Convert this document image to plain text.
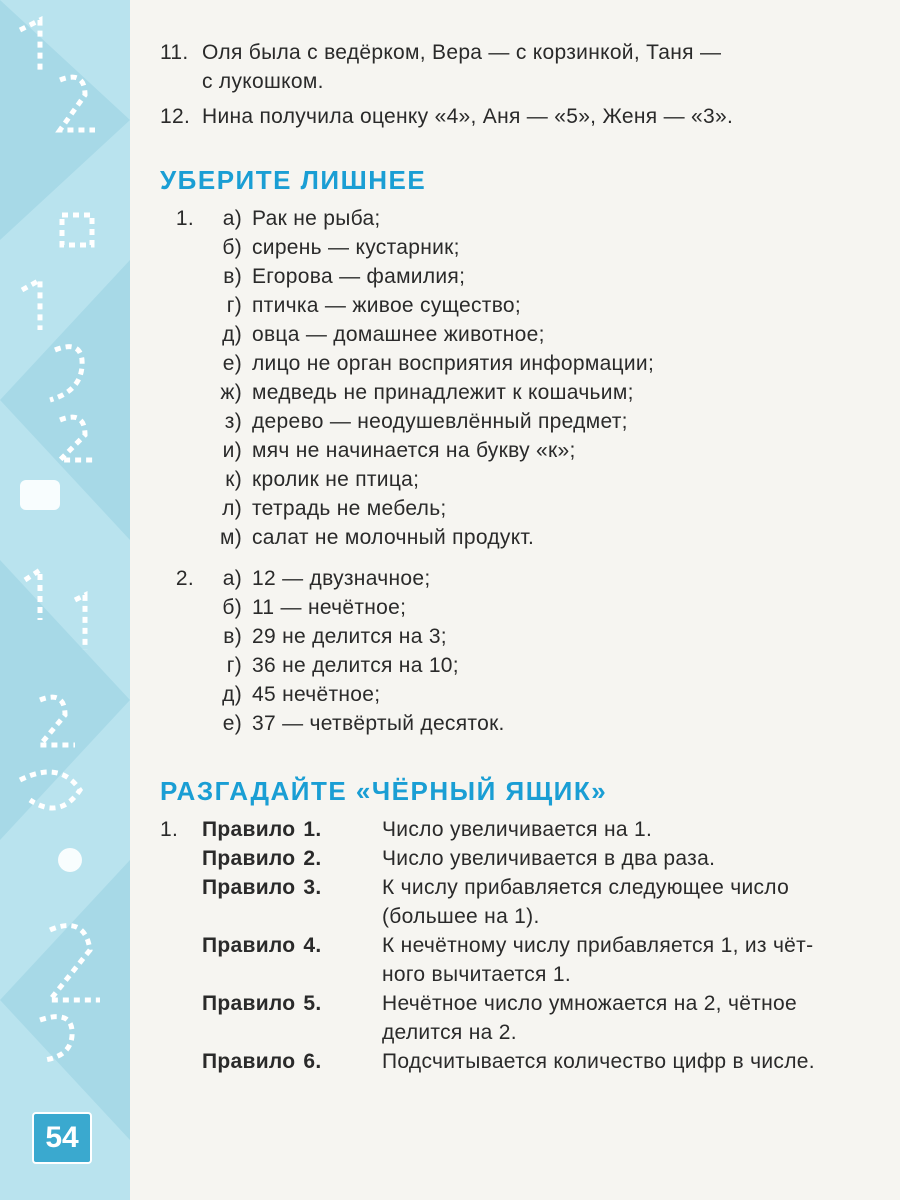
54
11. Оля была с ведёрком, Вера — с корзинкой, Таня —
с лукошком.
12. Нина получила оценку «4», Аня — «5», Женя — «3».
УБЕРИТЕ ЛИШНЕЕ
1.	а) Рак не рыба;
б) сирень — кустарник;
в) Егорова — фамилия;
г) птичка — живое существо;
д) овца — домашнее животное;
е) лицо не орган восприятия информации;
ж) медведь не принадлежит к кошачьим;
з) дерево — неодушевлённый предмет;
и) мяч не начинается на букву «к»;
к) кролик не птица;
л) тетрадь не мебель;
м) салат не молочный продукт.
2.	а) 12 — двузначное;
б) 11 — нечётное;
в) 29 не делится на 3;
г) 36 не делится на 10;
д) 45 нечётное;
е) 37 — четвёртый десяток.
РАЗГАДАЙТЕ «ЧЁРНЫЙ ЯЩИК»
1.	Правило 1.	Число увеличивается на 1.
Правило 2.	Число увеличивается в два раза.
Правило 3.	К числу прибавляется следующее число
(большее на 1).
Правило 4.	К нечётному числу прибавляется 1, из чёт-
ного вычитается 1.
Правило 5.	Нечётное число умножается на 2, чётное
делится на 2.
Правило 6.	Подсчитывается количество цифр в числе.
